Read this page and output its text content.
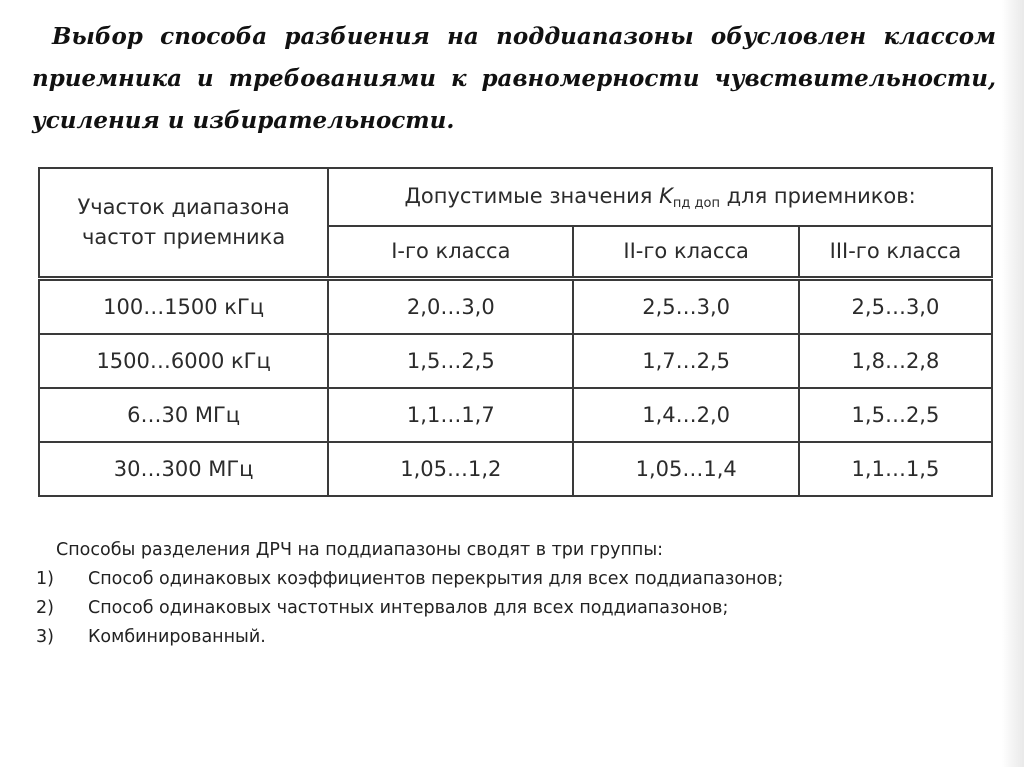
Выбор способа разбиения на поддиапазоны обусловлен классом приемника и требованиями к равномерности чувствительности, усиления и избирательности.
Участок диапазона частот приемника	Допустимые значения $K_{пд доп}$ для приемников:		
	I-го класса	II-го класса	III-го класса
100…1500 кГц	2,0…3,0	2,5…3,0	2,5…3,0
1500…6000 кГц	1,5…2,5	1,7…2,5	1,8…2,8
6…30 МГц	1,1…1,7	1,4…2,0	1,5…2,5
30…300 МГц	1,05…1,2	1,05…1,4	1,1…1,5
Способы разделения ДРЧ на поддиапазоны сводят в три группы:
1)	Способ одинаковых коэффициентов перекрытия для всех поддиапазонов;
2)	Способ одинаковых частотных интервалов для всех поддиапазонов;
3)	Комбинированный.
